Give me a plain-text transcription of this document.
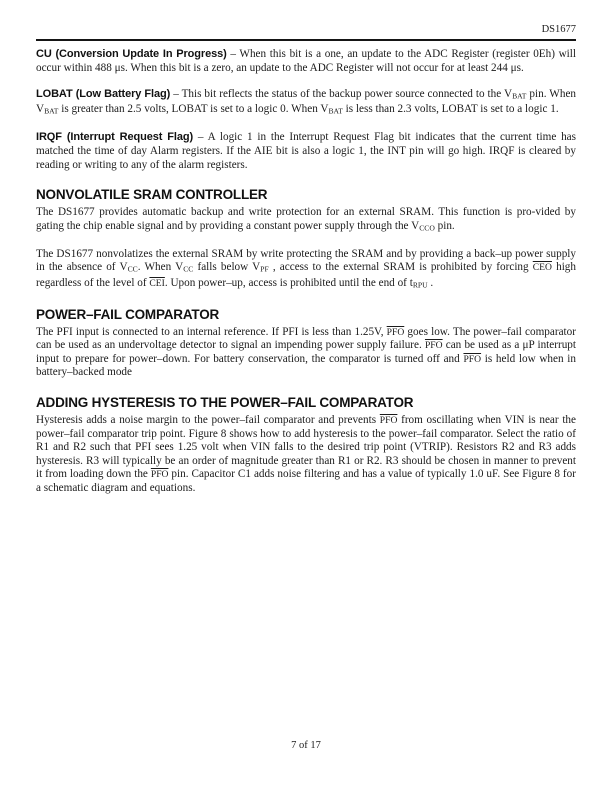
DS1677

CU (Conversion Update In Progress) – When this bit is a one, an update to the ADC Register (register 0Eh) will occur within 488 μs. When this bit is a zero, an update to the ADC Register will not occur for at least 244 μs.

LOBAT (Low Battery Flag) – This bit reflects the status of the backup power source connected to the VBAT pin. When VBAT is greater than 2.5 volts, LOBAT is set to a logic 0. When VBAT is less than 2.3 volts, LOBAT is set to a logic 1.

IRQF (Interrupt Request Flag) – A logic 1 in the Interrupt Request Flag bit indicates that the current time has matched the time of day Alarm registers. If the AIE bit is also a logic 1, the INT pin will go high. IRQF is cleared by reading or writing to any of the alarm registers.

NONVOLATILE SRAM CONTROLLER

The DS1677 provides automatic backup and write protection for an external SRAM. This function is pro-vided by gating the chip enable signal and by providing a constant power supply through the VCCO pin.

The DS1677 nonvolatizes the external SRAM by write protecting the SRAM and by providing a back–up power supply in the absence of VCC. When VCC falls below VPF , access to the external SRAM is prohibited by forcing $\overline{CEO}$ high regardless of the level of $\overline{CEI}$. Upon power–up, access is prohibited until the end of tRPU .

POWER–FAIL COMPARATOR

The PFI input is connected to an internal reference. If PFI is less than 1.25V, $\overline{PFO}$ goes low. The power–fail comparator can be used as an undervoltage detector to signal an impending power supply failure. $\overline{PFO}$ can be used as a μP interrupt input to prepare for power–down. For battery conservation, the comparator is turned off and $\overline{PFO}$ is held low when in battery–backed mode

ADDING HYSTERESIS TO THE POWER–FAIL COMPARATOR

Hysteresis adds a noise margin to the power–fail comparator and prevents $\overline{PFO}$ from oscillating when VIN is near the power–fail comparator trip point. Figure 8 shows how to add hysteresis to the power–fail comparator. Select the ratio of R1 and R2 such that PFI sees 1.25 volt when VIN falls to the desired trip point (VTRIP). Resistors R2 and R3 adds hysteresis. R3 will typically be an order of magnitude greater than R1 or R2. R3 should be chosen in manner to prevent it from loading down the $\overline{PFO}$ pin. Capacitor C1 adds noise filtering and has a value of typically 1.0 uF. See Figure 8 for a schematic diagram and equations.

7 of 17
